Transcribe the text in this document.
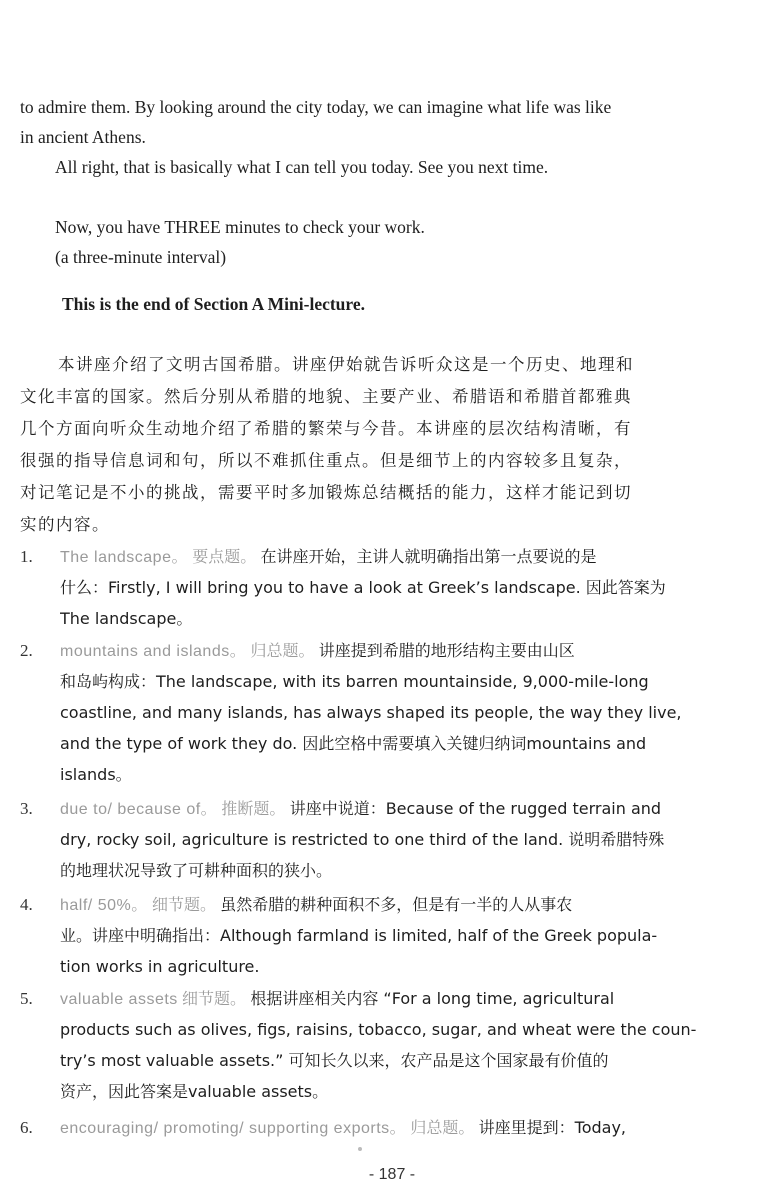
to admire them. By looking around the city today, we can imagine what life was like
in ancient Athens.
All right, that is basically what I can tell you today. See you next time.
Now, you have THREE minutes to check your work.
(a three-minute interval)
This is the end of Section A Mini-lecture.
本讲座介绍了文明古国希腊。讲座伊始就告诉听众这是一个历史、地理和
文化丰富的国家。然后分别从希腊的地貌、主要产业、希腊语和希腊首都雅典
几个方面向听众生动地介绍了希腊的繁荣与今昔。本讲座的层次结构清晰，有
很强的指导信息词和句，所以不难抓住重点。但是细节上的内容较多且复杂，
对记笔记是不小的挑战，需要平时多加锻炼总结概括的能力，这样才能记到切
实的内容。
1. The landscape。 要点题。 在讲座开始，主讲人就明确指出第一点要说的是
什么：Firstly, I will bring you to have a look at Greek’s landscape. 因此答案为
The landscape。
2. mountains and islands。 归总题。 讲座提到希腊的地形结构主要由山区
和岛屿构成：The landscape, with its barren mountainside, 9,000-mile-long
coastline, and many islands, has always shaped its people, the way they live,
and the type of work they do. 因此空格中需要填入关键归纳词mountains and
islands。
3. due to/ because of。 推断题。 讲座中说道：Because of the rugged terrain and
dry, rocky soil, agriculture is restricted to one third of the land. 说明希腊特殊
的地理状况导致了可耕种面积的狭小。
4. half/ 50%。 细节题。 虽然希腊的耕种面积不多，但是有一半的人从事农
业。讲座中明确指出：Although farmland is limited, half of the Greek popula-
tion works in agriculture.
5. valuable assets 细节题。 根据讲座相关内容 “For a long time, agricultural
products such as olives, figs, raisins, tobacco, sugar, and wheat were the coun-
try’s most valuable assets.” 可知长久以来，农产品是这个国家最有价值的
资产，因此答案是valuable assets。
6. encouraging/ promoting/ supporting exports。 归总题。 讲座里提到：Today,
- 187 -
